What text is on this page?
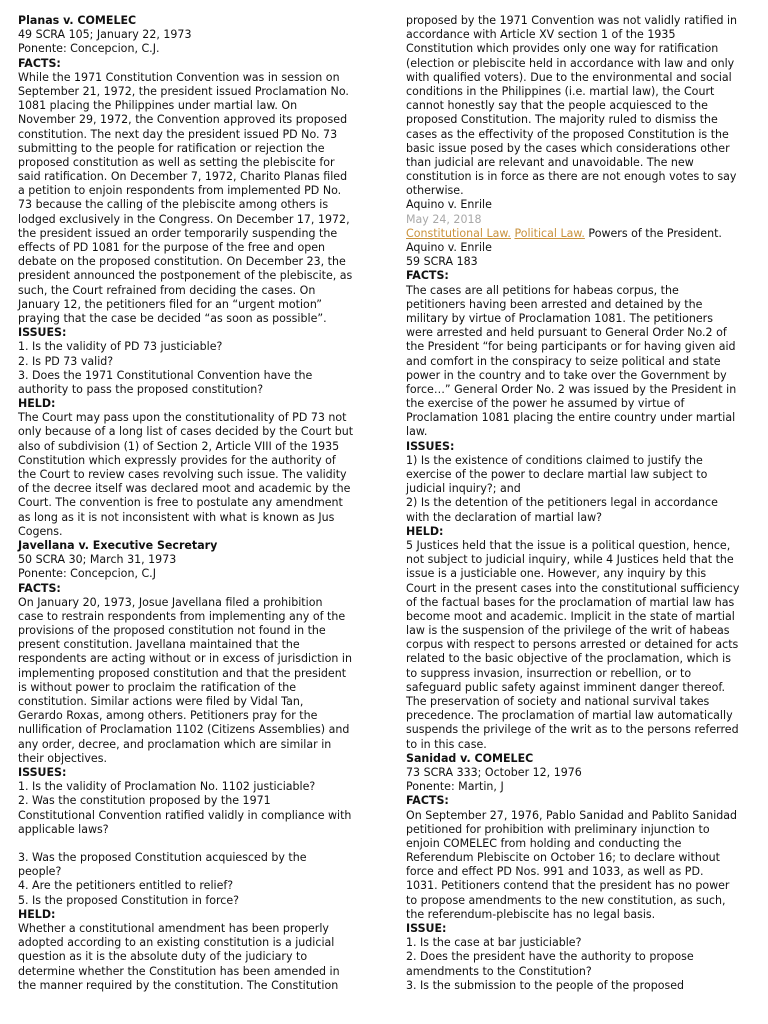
Planas v. COMELEC
49 SCRA 105; January 22, 1973
Ponente: Concepcion, C.J.
FACTS:
While the 1971 Constitution Convention was in session on
September 21, 1972, the president issued Proclamation No.
1081 placing the Philippines under martial law. On
November 29, 1972, the Convention approved its proposed
constitution. The next day the president issued PD No. 73
submitting to the people for ratification or rejection the
proposed constitution as well as setting the plebiscite for
said ratification. On December 7, 1972, Charito Planas filed
a petition to enjoin respondents from implemented PD No.
73 because the calling of the plebiscite among others is
lodged exclusively in the Congress. On December 17, 1972,
the president issued an order temporarily suspending the
effects of PD 1081 for the purpose of the free and open
debate on the proposed constitution. On December 23, the
president announced the postponement of the plebiscite, as
such, the Court refrained from deciding the cases. On
January 12, the petitioners filed for an “urgent motion”
praying that the case be decided “as soon as possible”.
ISSUES:
1. Is the validity of PD 73 justiciable?
2. Is PD 73 valid?
3. Does the 1971 Constitutional Convention have the
authority to pass the proposed constitution?
HELD:
The Court may pass upon the constitutionality of PD 73 not
only because of a long list of cases decided by the Court but
also of subdivision (1) of Section 2, Article VIII of the 1935
Constitution which expressly provides for the authority of
the Court to review cases revolving such issue. The validity
of the decree itself was declared moot and academic by the
Court. The convention is free to postulate any amendment
as long as it is not inconsistent with what is known as Jus
Cogens.
Javellana v. Executive Secretary
50 SCRA 30; March 31, 1973
Ponente: Concepcion, C.J
FACTS:
On January 20, 1973, Josue Javellana filed a prohibition
case to restrain respondents from implementing any of the
provisions of the proposed constitution not found in the
present constitution. Javellana maintained that the
respondents are acting without or in excess of jurisdiction in
implementing proposed constitution and that the president
is without power to proclaim the ratification of the
constitution. Similar actions were filed by Vidal Tan,
Gerardo Roxas, among others. Petitioners pray for the
nullification of Proclamation 1102 (Citizens Assemblies) and
any order, decree, and proclamation which are similar in
their objectives.
ISSUES:
1. Is the validity of Proclamation No. 1102 justiciable?
2. Was the constitution proposed by the 1971
Constitutional Convention ratified validly in compliance with
applicable laws?
3. Was the proposed Constitution acquiesced by the
people?
4. Are the petitioners entitled to relief?
5. Is the proposed Constitution in force?
HELD:
Whether a constitutional amendment has been properly
adopted according to an existing constitution is a judicial
question as it is the absolute duty of the judiciary to
determine whether the Constitution has been amended in
the manner required by the constitution. The Constitution
proposed by the 1971 Convention was not validly ratified in
accordance with Article XV section 1 of the 1935
Constitution which provides only one way for ratification
(election or plebiscite held in accordance with law and only
with qualified voters). Due to the environmental and social
conditions in the Philippines (i.e. martial law), the Court
cannot honestly say that the people acquiesced to the
proposed Constitution. The majority ruled to dismiss the
cases as the effectivity of the proposed Constitution is the
basic issue posed by the cases which considerations other
than judicial are relevant and unavoidable. The new
constitution is in force as there are not enough votes to say
otherwise.
Aquino v. Enrile
May 24, 2018
Constitutional Law. Political Law. Powers of the President.
Aquino v. Enrile
59 SCRA 183
FACTS:
The cases are all petitions for habeas corpus, the
petitioners having been arrested and detained by the
military by virtue of Proclamation 1081. The petitioners
were arrested and held pursuant to General Order No.2 of
the President “for being participants or for having given aid
and comfort in the conspiracy to seize political and state
power in the country and to take over the Government by
force…” General Order No. 2 was issued by the President in
the exercise of the power he assumed by virtue of
Proclamation 1081 placing the entire country under martial
law.
ISSUES:
1) Is the existence of conditions claimed to justify the
exercise of the power to declare martial law subject to
judicial inquiry?; and
2) Is the detention of the petitioners legal in accordance
with the declaration of martial law?
HELD:
5 Justices held that the issue is a political question, hence,
not subject to judicial inquiry, while 4 Justices held that the
issue is a justiciable one. However, any inquiry by this
Court in the present cases into the constitutional sufficiency
of the factual bases for the proclamation of martial law has
become moot and academic. Implicit in the state of martial
law is the suspension of the privilege of the writ of habeas
corpus with respect to persons arrested or detained for acts
related to the basic objective of the proclamation, which is
to suppress invasion, insurrection or rebellion, or to
safeguard public safety against imminent danger thereof.
The preservation of society and national survival takes
precedence. The proclamation of martial law automatically
suspends the privilege of the writ as to the persons referred
to in this case.
Sanidad v. COMELEC
73 SCRA 333; October 12, 1976
Ponente: Martin, J
FACTS:
On September 27, 1976, Pablo Sanidad and Pablito Sanidad
petitioned for prohibition with preliminary injunction to
enjoin COMELEC from holding and conducting the
Referendum Plebiscite on October 16; to declare without
force and effect PD Nos. 991 and 1033, as well as PD.
1031. Petitioners contend that the president has no power
to propose amendments to the new constitution, as such,
the referendum-plebiscite has no legal basis.
ISSUE:
1. Is the case at bar justiciable?
2. Does the president have the authority to propose
amendments to the Constitution?
3. Is the submission to the people of the proposed
